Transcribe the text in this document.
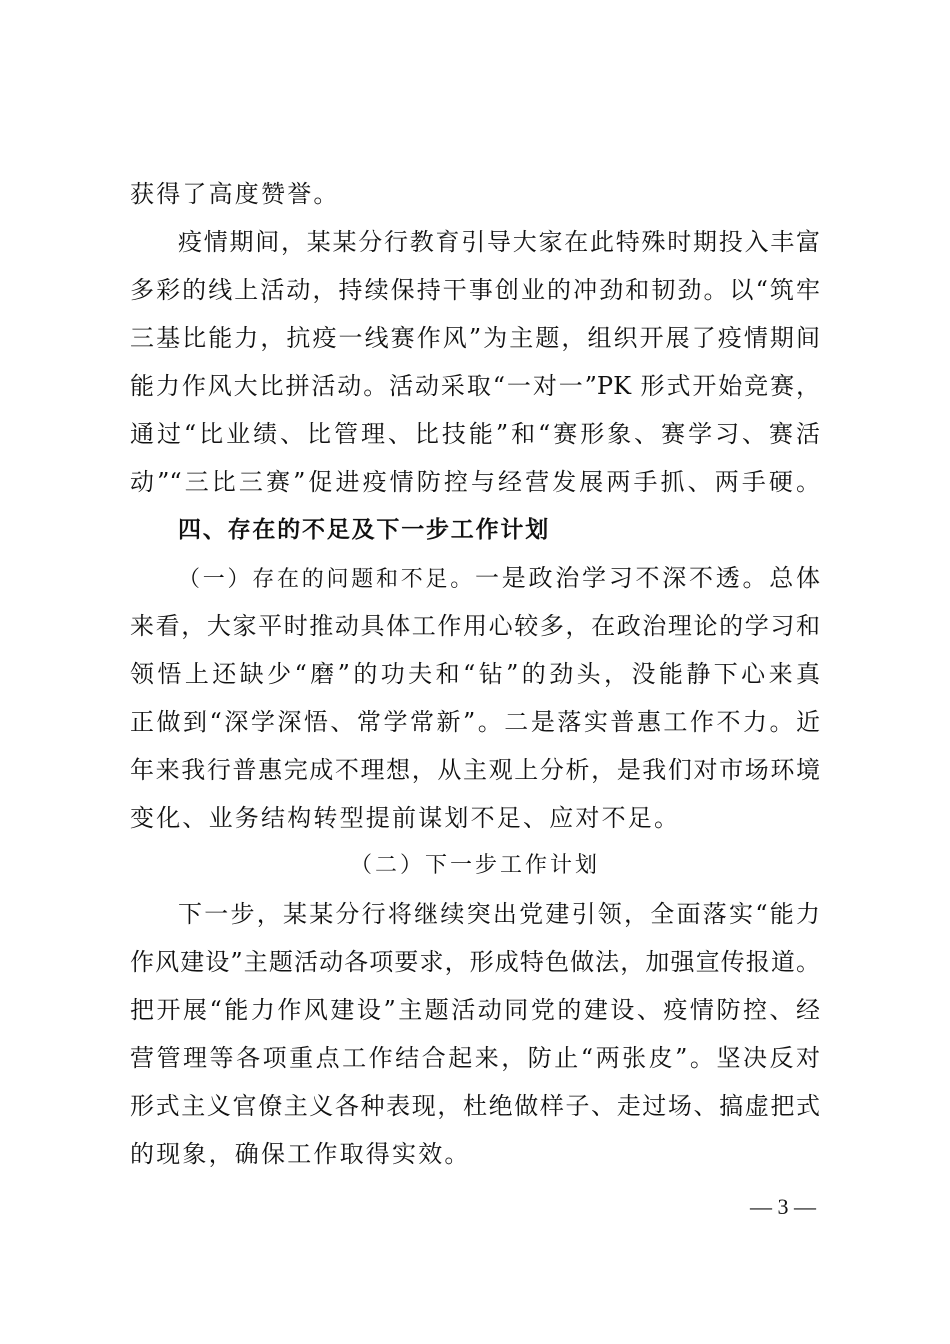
获得了高度赞誉。

疫情期间，某某分行教育引导大家在此特殊时期投入丰富

多彩的线上活动，持续保持干事创业的冲劲和韧劲。以“筑牢

三基比能力，抗疫一线赛作风”为主题，组织开展了疫情期间

能力作风大比拼活动。活动采取“一对一”PK 形式开始竞赛，

通过“比业绩、比管理、比技能”和“赛形象、赛学习、赛活

动”“三比三赛”促进疫情防控与经营发展两手抓、两手硬。

四、存在的不足及下一步工作计划

（一）存在的问题和不足。一是政治学习不深不透。总体

来看，大家平时推动具体工作用心较多，在政治理论的学习和

领悟上还缺少“磨”的功夫和“钻”的劲头，没能静下心来真

正做到“深学深悟、常学常新”。二是落实普惠工作不力。近

年来我行普惠完成不理想，从主观上分析，是我们对市场环境

变化、业务结构转型提前谋划不足、应对不足。

（二）下一步工作计划

下一步，某某分行将继续突出党建引领，全面落实“能力

作风建设”主题活动各项要求，形成特色做法，加强宣传报道。

把开展“能力作风建设”主题活动同党的建设、疫情防控、经

营管理等各项重点工作结合起来，防止“两张皮”。坚决反对

形式主义官僚主义各种表现，杜绝做样子、走过场、搞虚把式

的现象，确保工作取得实效。

— 3 —
